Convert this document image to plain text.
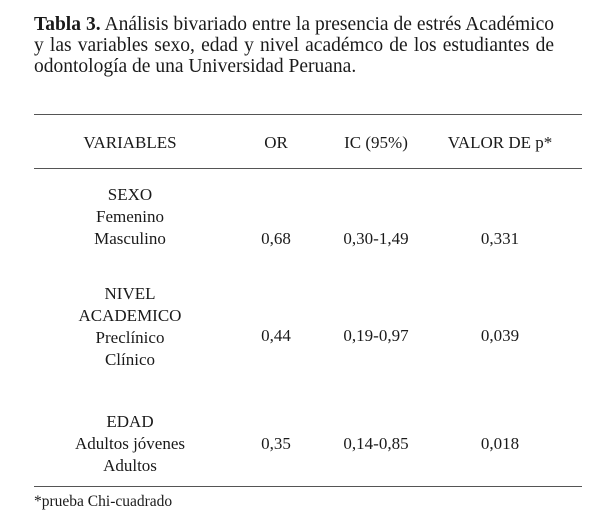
Tabla 3. Análisis bivariado entre la presencia de estrés Académico y las variables sexo, edad y nivel académco de los estudiantes de odontología de una Universidad Peruana.
VARIABLES	OR	IC (95%)	VALOR DE p*
SEXO
Femenino
Masculino	0,68	0,30-1,49	0,331
NIVEL
ACADEMICO
Preclínico
Clínico
0,44	0,19-0,97	0,039
EDAD
Adultos jóvenes
Adultos
0,35	0,14-0,85	0,018
*prueba Chi-cuadrado
